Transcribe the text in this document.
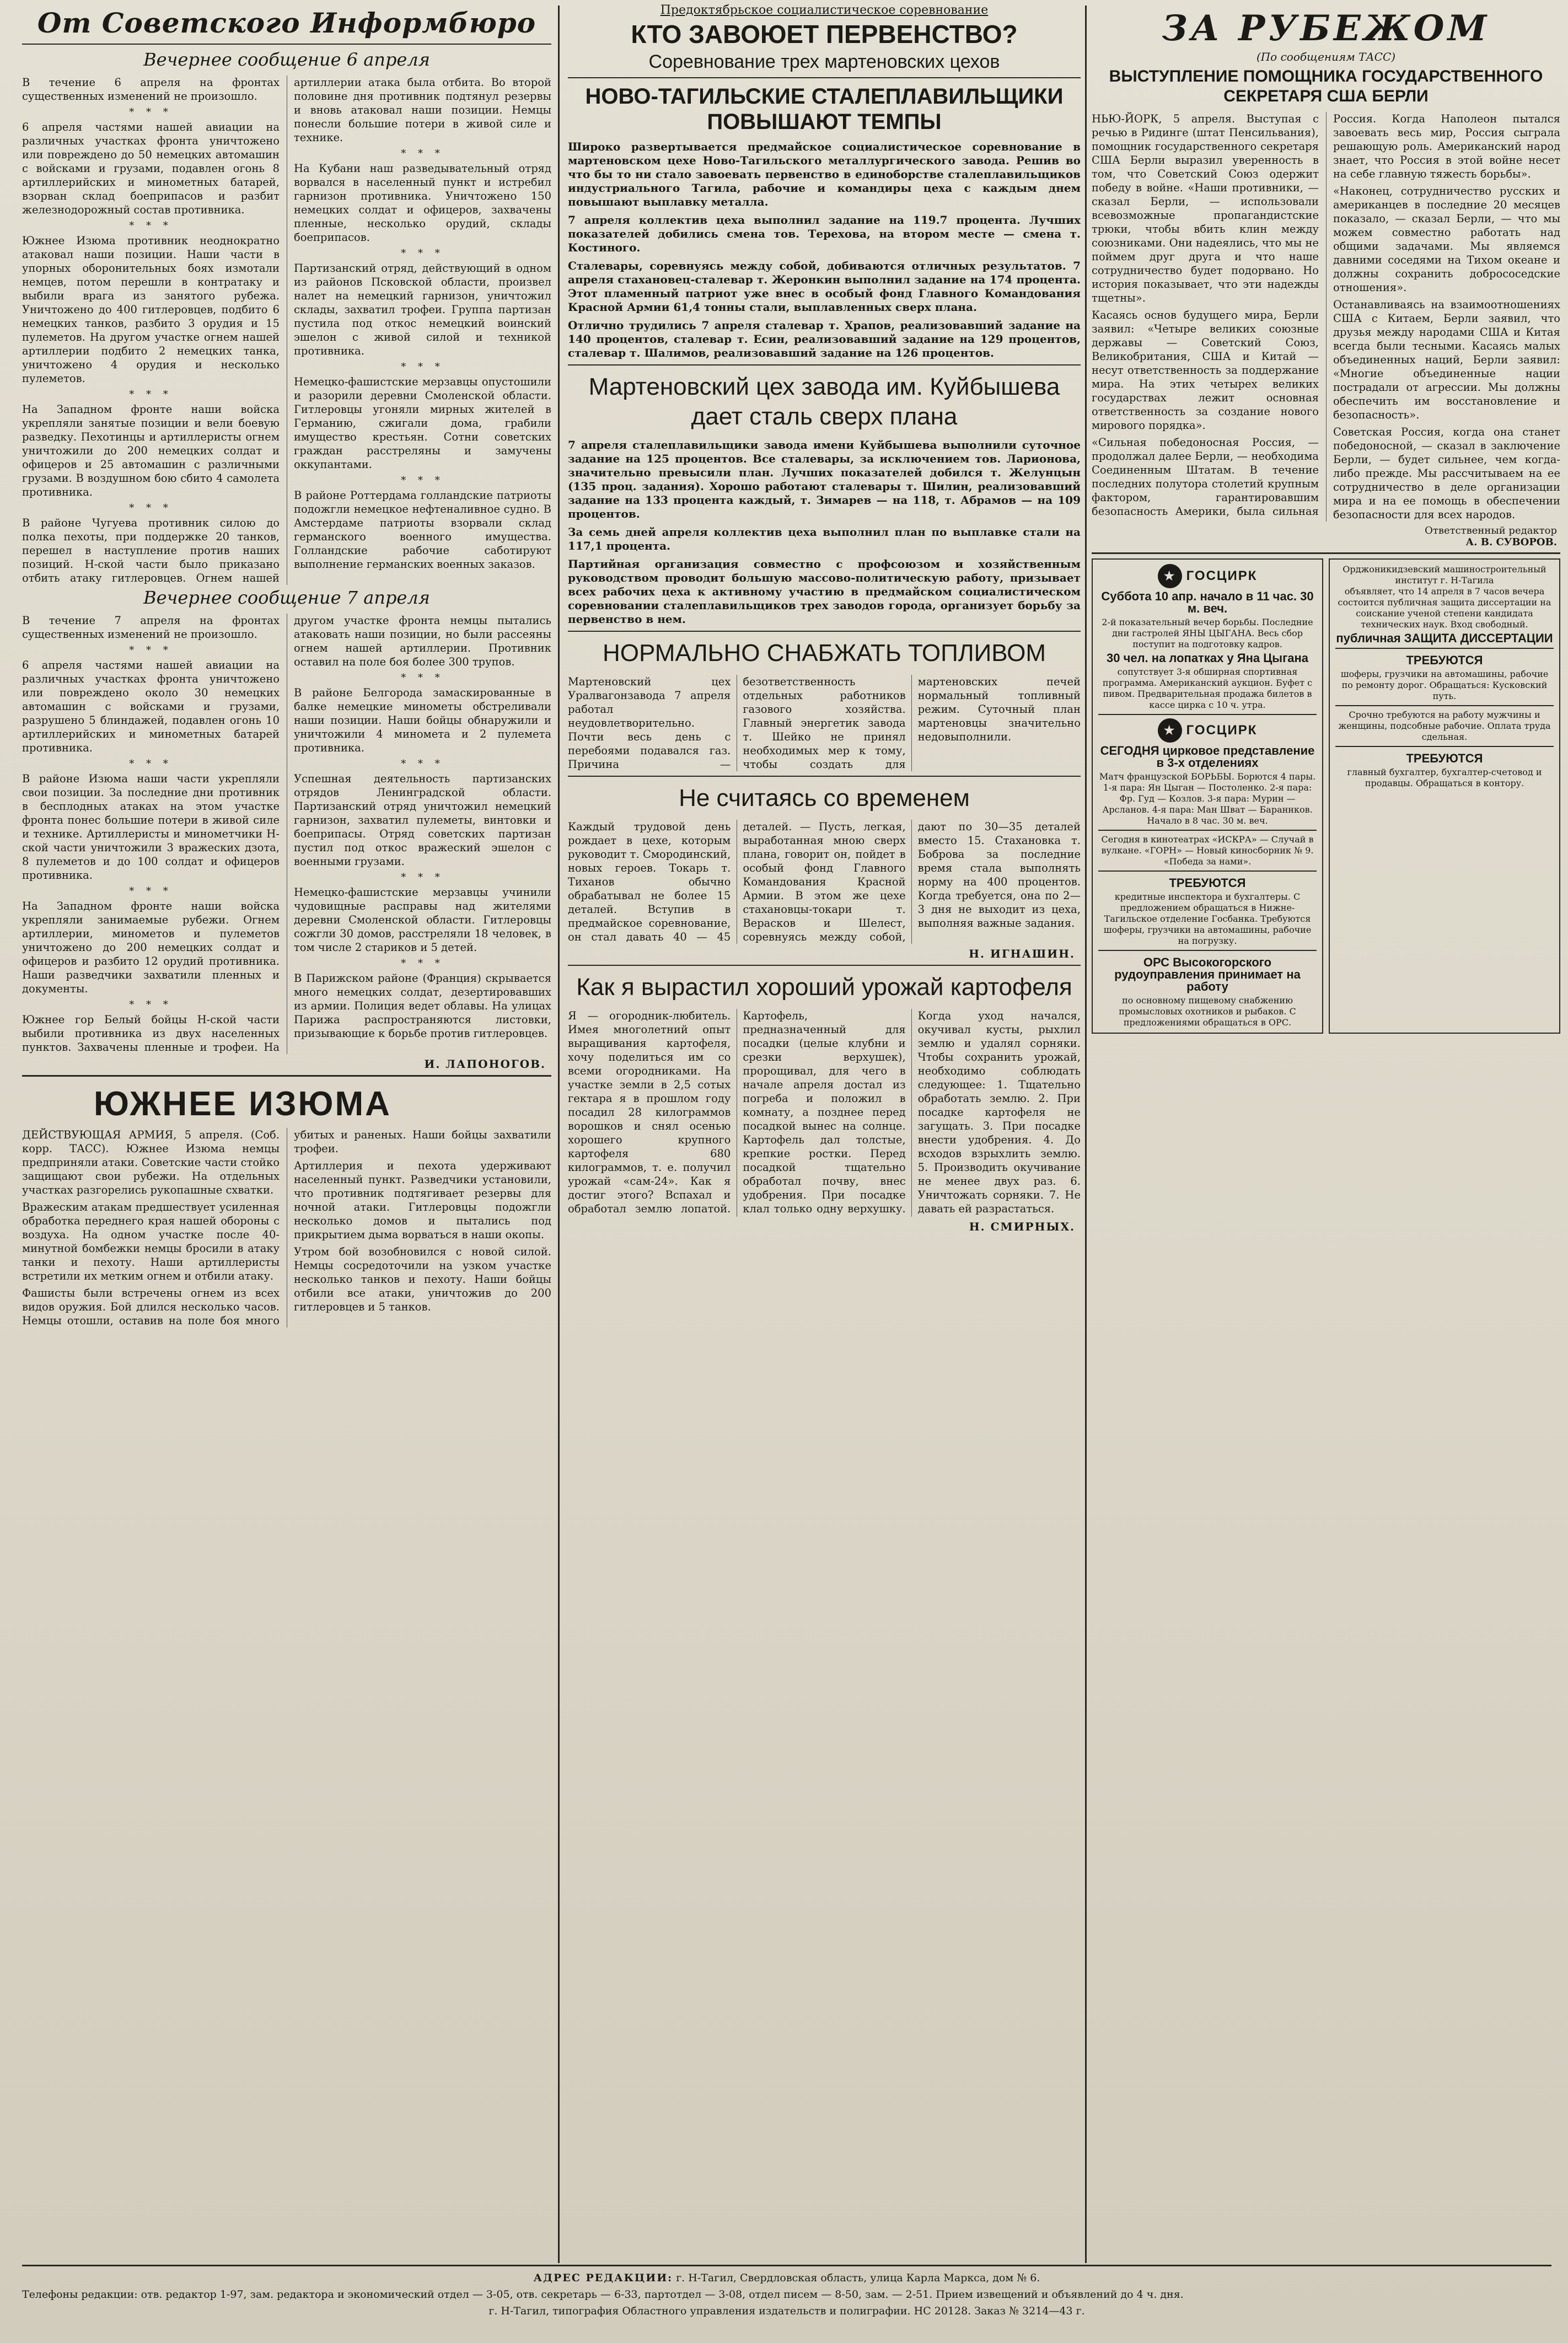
От Советского Информбюро
Вечернее сообщение 6 апреля

В течение 6 апреля на фронтах существенных изменений не произошло.

* * *

6 апреля частями нашей авиации на различных участках фронта уничтожено или повреждено до 50 немецких автомашин с войсками и грузами, подавлен огонь 8 артиллерийских и минометных батарей, взорван склад боеприпасов и разбит железнодорожный состав противника.

* * *

Южнее Изюма противник неоднократно атаковал наши позиции. Наши части в упорных оборонительных боях измотали немцев, потом перешли в контратаку и выбили врага из занятого рубежа. Уничтожено до 400 гитлеровцев, подбито 6 немецких танков, разбито 3 орудия и 15 пулеметов. На другом участке огнем нашей артиллерии подбито 2 немецких танка, уничтожено 4 орудия и несколько пулеметов.

* * *

На Западном фронте наши войска укрепляли занятые позиции и вели боевую разведку. Пехотинцы и артиллеристы огнем уничтожили до 200 немецких солдат и офицеров и 25 автомашин с различными грузами. В воздушном бою сбито 4 самолета противника.

* * *

В районе Чугуева противник силою до полка пехоты, при поддержке 20 танков, перешел в наступление против наших позиций. Н-ской части было приказано отбить атаку гитлеровцев. Огнем нашей артиллерии атака была отбита. Во второй половине дня противник подтянул резервы и вновь атаковал наши позиции. Немцы понесли большие потери в живой силе и технике.

* * *

На Кубани наш разведывательный отряд ворвался в населенный пункт и истребил гарнизон противника. Уничтожено 150 немецких солдат и офицеров, захвачены пленные, несколько орудий, склады боеприпасов.

* * *

Партизанский отряд, действующий в одном из районов Псковской области, произвел налет на немецкий гарнизон, уничтожил склады, захватил трофеи. Группа партизан пустила под откос немецкий воинский эшелон с живой силой и техникой противника.

* * *

Немецко-фашистские мерзавцы опустошили и разорили деревни Смоленской области. Гитлеровцы угоняли мирных жителей в Германию, сжигали дома, грабили имущество крестьян. Сотни советских граждан расстреляны и замучены оккупантами.

* * *

В районе Роттердама голландские патриоты подожгли немецкое нефтеналивное судно. В Амстердаме патриоты взорвали склад германского военного имущества. Голландские рабочие саботируют выполнение германских военных заказов.

Вечернее сообщение 7 апреля

В течение 7 апреля на фронтах существенных изменений не произошло.

* * *

6 апреля частями нашей авиации на различных участках фронта уничтожено или повреждено около 30 немецких автомашин с войсками и грузами, разрушено 5 блиндажей, подавлен огонь 10 артиллерийских и минометных батарей противника.

* * *

В районе Изюма наши части укрепляли свои позиции. За последние дни противник в бесплодных атаках на этом участке фронта понес большие потери в живой силе и технике. Артиллеристы и минометчики Н-ской части уничтожили 3 вражеских дзота, 8 пулеметов и до 100 солдат и офицеров противника.

* * *

На Западном фронте наши войска укрепляли занимаемые рубежи. Огнем артиллерии, минометов и пулеметов уничтожено до 200 немецких солдат и офицеров и разбито 12 орудий противника. Наши разведчики захватили пленных и документы.

* * *

Южнее гор Белый бойцы Н-ской части выбили противника из двух населенных пунктов. Захвачены пленные и трофеи. На другом участке фронта немцы пытались атаковать наши позиции, но были рассеяны огнем нашей артиллерии. Противник оставил на поле боя более 300 трупов.

* * *

В районе Белгорода замаскированные в балке немецкие минометы обстреливали наши позиции. Наши бойцы обнаружили и уничтожили 4 миномета и 2 пулемета противника.

* * *

Успешная деятельность партизанских отрядов Ленинградской области. Партизанский отряд уничтожил немецкий гарнизон, захватил пулеметы, винтовки и боеприпасы. Отряд советских партизан пустил под откос вражеский эшелон с военными грузами.

* * *

Немецко-фашистские мерзавцы учинили чудовищные расправы над жителями деревни Смоленской области. Гитлеровцы сожгли 30 домов, расстреляли 18 человек, в том числе 2 стариков и 5 детей.

* * *

В Парижском районе (Франция) скрывается много немецких солдат, дезертировавших из армии. Полиция ведет облавы. На улицах Парижа распространяются листовки, призывающие к борьбе против гитлеровцев.

И. ЛАПОНОГОВ.
ЮЖНЕЕ ИЗЮМА

ДЕЙСТВУЮЩАЯ АРМИЯ, 5 апреля. (Соб. корр. ТАСС). Южнее Изюма немцы предприняли атаки. Советские части стойко защищают свои рубежи. На отдельных участках разгорелись рукопашные схватки.

Вражеским атакам предшествует усиленная обработка переднего края нашей обороны с воздуха. На одном участке после 40-минутной бомбежки немцы бросили в атаку танки и пехоту. Наши артиллеристы встретили их метким огнем и отбили атаку.

Фашисты были встречены огнем из всех видов оружия. Бой длился несколько часов. Немцы отошли, оставив на поле боя много убитых и раненых. Наши бойцы захватили трофеи.

Артиллерия и пехота удерживают населенный пункт. Разведчики установили, что противник подтягивает резервы для ночной атаки. Гитлеровцы подожгли несколько домов и пытались под прикрытием дыма ворваться в наши окопы.

Утром бой возобновился с новой силой. Немцы сосредоточили на узком участке несколько танков и пехоту. Наши бойцы отбили все атаки, уничтожив до 200 гитлеровцев и 5 танков.

Предоктябрьское социалистическое соревнование
КТО ЗАВОЮЕТ ПЕРВЕНСТВО?
Соревнование трех мартеновских цехов
НОВО-ТАГИЛЬСКИЕ СТАЛЕПЛАВИЛЬЩИКИ ПОВЫШАЮТ ТЕМПЫ

Широко развертывается предмайское социалистическое соревнование в мартеновском цехе Ново-Тагильского металлургического завода. Решив во что бы то ни стало завоевать первенство в единоборстве сталеплавильщиков индустриального Тагила, рабочие и командиры цеха с каждым днем повышают выплавку металла.

7 апреля коллектив цеха выполнил задание на 119.7 процента. Лучших показателей добились смена тов. Терехова, на втором месте — смена т. Костиного.

Сталевары, соревнуясь между собой, добиваются отличных результатов. 7 апреля стахановец-сталевар т. Жеронкин выполнил задание на 174 процента. Этот пламенный патриот уже внес в особый фонд Главного Командования Красной Армии 61,4 тонны стали, выплавленных сверх плана.

Отлично трудились 7 апреля сталевар т. Храпов, реализовавший задание на 140 процентов, сталевар т. Есин, реализовавший задание на 129 процентов, сталевар т. Шалимов, реализовавший задание на 126 процентов.

Мартеновский цех завода им. Куйбышева дает сталь сверх плана

7 апреля сталеплавильщики завода имени Куйбышева выполнили суточное задание на 125 процентов. Все сталевары, за исключением тов. Ларионова, значительно превысили план. Лучших показателей добился т. Желунцын (135 проц. задания). Хорошо работают сталевары т. Шилин, реализовавший задание на 133 процента каждый, т. Зимарев — на 118, т. Абрамов — на 109 процентов.

За семь дней апреля коллектив цеха выполнил план по выплавке стали на 117,1 процента.

Партийная организация совместно с профсоюзом и хозяйственным руководством проводит большую массово-политическую работу, призывает всех рабочих цеха к активному участию в предмайском социалистическом соревновании сталеплавильщиков трех заводов города, организует борьбу за первенство в нем.

НОРМАЛЬНО СНАБЖАТЬ ТОПЛИВОМ

Мартеновский цех Уралвагонзавода 7 апреля работал неудовлетворительно. Почти весь день с перебоями подавался газ. Причина — безответственность отдельных работников газового хозяйства. Главный энергетик завода т. Шейко не принял необходимых мер к тому, чтобы создать для мартеновских печей нормальный топливный режим. Суточный план мартеновцы значительно недовыполнили.

Не считаясь со временем

Каждый трудовой день рождает в цехе, которым руководит т. Смородинский, новых героев. Токарь т. Тиханов обычно обрабатывал не более 15 деталей. Вступив в предмайское соревнование, он стал давать 40 — 45 деталей. — Пусть, легкая, выработанная мною сверх плана, говорит он, пойдет в особый фонд Главного Командования Красной Армии. В этом же цехе стахановцы-токари т. Верасков и Шелест, соревнуясь между собой, дают по 30—35 деталей вместо 15. Стахановка т. Боброва за последние время стала выполнять норму на 400 процентов. Когда требуется, она по 2—3 дня не выходит из цеха, выполняя важные задания.

Н. ИГНАШИН.
Как я вырастил хороший урожай картофеля

Я — огородник-любитель. Имея многолетний опыт выращивания картофеля, хочу поделиться им со всеми огородниками. На участке земли в 2,5 сотых гектара я в прошлом году посадил 28 килограммов ворошков и снял осенью хорошего крупного картофеля 680 килограммов, т. е. получил урожай «сам-24». Как я достиг этого? Вспахал и обработал землю лопатой. Картофель, предназначенный для посадки (целые клубни и срезки верхушек), пророщивал, для чего в начале апреля достал из погреба и положил в комнату, а позднее перед посадкой вынес на солнце. Картофель дал толстые, крепкие ростки. Перед посадкой тщательно обработал почву, внес удобрения. При посадке клал только одну верхушку. Когда уход начался, окучивал кусты, рыхлил землю и удалял сорняки. Чтобы сохранить урожай, необходимо соблюдать следующее: 1. Тщательно обработать землю. 2. При посадке картофеля не загущать. 3. При посадке внести удобрения. 4. До всходов взрыхлить землю. 5. Производить окучивание не менее двух раз. 6. Уничтожать сорняки. 7. Не давать ей разрастаться.

Н. СМИРНЫХ.
ЗА РУБЕЖОМ
(По сообщениям ТАСС)
ВЫСТУПЛЕНИЕ ПОМОЩНИКА ГОСУДАРСТВЕННОГО СЕКРЕТАРЯ США БЕРЛИ

НЬЮ-ЙОРК, 5 апреля. Выступая с речью в Ридинге (штат Пенсильвания), помощник государственного секретаря США Берли выразил уверенность в том, что Советский Союз одержит победу в войне. «Наши противники, — сказал Берли, — использовали всевозможные пропагандистские трюки, чтобы вбить клин между союзниками. Они надеялись, что мы не поймем друг друга и что наше сотрудничество будет подорвано. Но история показывает, что эти надежды тщетны».

Касаясь основ будущего мира, Берли заявил: «Четыре великих союзные державы — Советский Союз, Великобритания, США и Китай — несут ответственность за поддержание мира. На этих четырех великих государствах лежит основная ответственность за создание нового мирового порядка».

«Сильная победоносная Россия, — продолжал далее Берли, — необходима Соединенным Штатам. В течение последних полутора столетий крупным фактором, гарантировавшим безопасность Америки, была сильная Россия. Когда Наполеон пытался завоевать весь мир, Россия сыграла решающую роль. Американский народ знает, что Россия в этой войне несет на себе главную тяжесть борьбы».

«Наконец, сотрудничество русских и американцев в последние 20 месяцев показало, — сказал Берли, — что мы можем совместно работать над общими задачами. Мы являемся давними соседями на Тихом океане и должны сохранить добрососедские отношения».

Останавливаясь на взаимоотношениях США с Китаем, Берли заявил, что друзья между народами США и Китая всегда были тесными. Касаясь малых объединенных наций, Берли заявил: «Многие объединенные нации пострадали от агрессии. Мы должны обеспечить им восстановление и безопасность».

Советская Россия, когда она станет победоносной, — сказал в заключение Берли, — будет сильнее, чем когда-либо прежде. Мы рассчитываем на ее сотрудничество в деле организации мира и на ее помощь в обеспечении безопасности для всех народов.

Ответственный редактор
А. В. СУВОРОВ.
★ ГОСЦИРК
Суббота 10 апр. начало в 11 час. 30 м. веч.
2-й показательный вечер борьбы. Последние дни гастролей ЯНЫ ЦЫГАНА. Весь сбор поступит на подготовку кадров.
30 чел. на лопатках у Яна Цыгана
сопутствует 3-я обширная спортивная программа. Американский аукцион. Буфет с пивом. Предварительная продажа билетов в кассе цирка с 10 ч. утра.
★ ГОСЦИРК
СЕГОДНЯ цирковое представление в 3-х отделениях
Матч французской БОРЬБЫ. Борются 4 пары. 1-я пара: Ян Цыган — Постоленко. 2-я пара: Фр. Гуд — Козлов. 3-я пара: Мурин — Арсланов. 4-я пара: Ман Шват — Бараннков. Начало в 8 час. 30 м. веч.
Сегодня в кинотеатрах «ИСКРА» — Случай в вулкане. «ГОРН» — Новый киносборник № 9. «Победа за нами».
ТРЕБУЮТСЯ
кредитные инспектора и бухгалтеры. С предложением обращаться в Нижне-Тагильское отделение Госбанка. Требуются шоферы, грузчики на автомашины, рабочие на погрузку.
ОРС Высокогорского рудоуправления принимает на работу
по основному пищевому снабжению промысловых охотников и рыбаков. С предложениями обращаться в ОРС.
Орджоникидзевский машиностроительный институт г. Н-Тагила
объявляет, что 14 апреля в 7 часов вечера состоится публичная защита диссертации на соискание ученой степени кандидата технических наук. Вход свободный.
публичная ЗАЩИТА ДИССЕРТАЦИИ
ТРЕБУЮТСЯ
шоферы, грузчики на автомашины, рабочие по ремонту дорог. Обращаться: Кусковский путь.
Срочно требуются на работу мужчины и женщины, подсобные рабочие. Оплата труда сдельная.
ТРЕБУЮТСЯ
главный бухгалтер, бухгалтер-счетовод и продавцы. Обращаться в контору.
АДРЕС РЕДАКЦИИ: г. Н-Тагил, Свердловская область, улица Карла Маркса, дом № 6.
Телефоны редакции: отв. редактор 1-97, зам. редактора и экономический отдел — 3-05, отв. секретарь — 6-33, партотдел — 3-08, отдел писем — 8-50, зам. — 2-51. Прием извещений и объявлений до 4 ч. дня.
г. Н-Тагил, типография Областного управления издательств и полиграфии. НС 20128. Заказ № 3214—43 г.
